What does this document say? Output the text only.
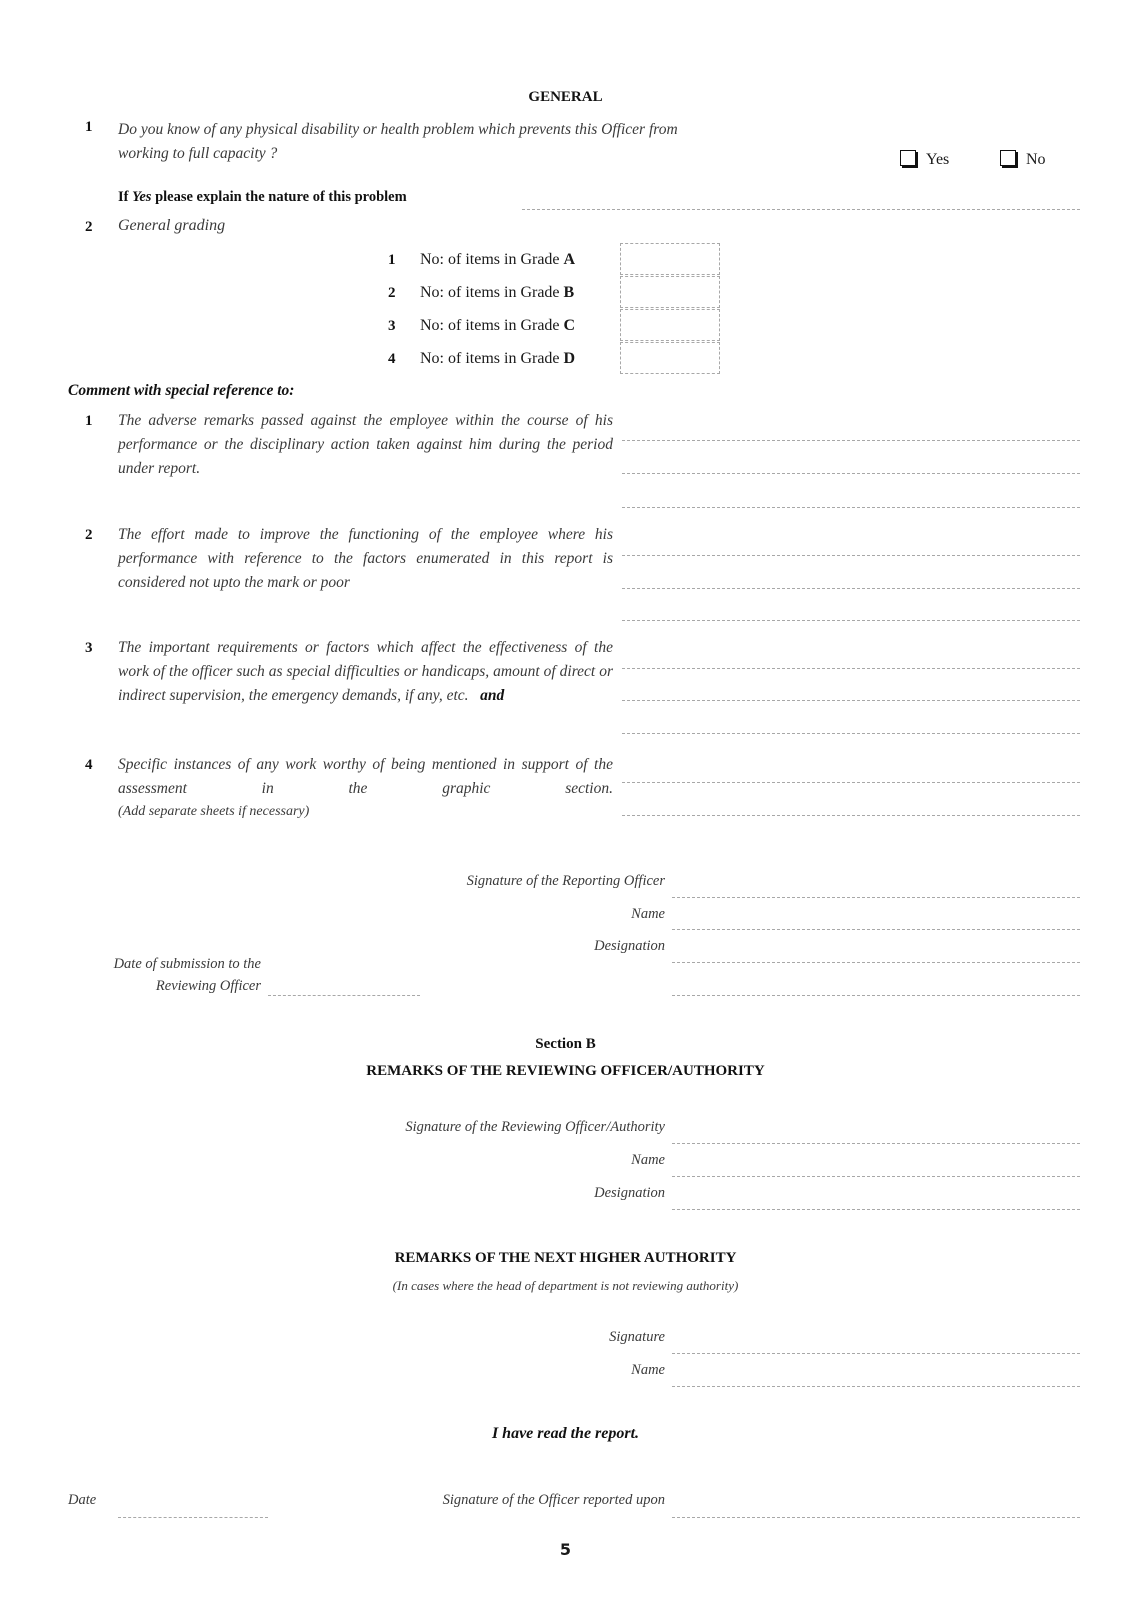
GENERAL
1 Do you know of any physical disability or health problem which prevents this Officer from
working to full capacity ?	Yes	No
If Yes please explain the nature of this problem
2 General grading
1 No: of items in Grade A
2 No: of items in Grade B
3 No: of items in Grade C
4 No: of items in Grade D
Comment with special reference to:
1 The adverse remarks passed against the employee within the course of his performance or the disciplinary action taken against him during the period under report.
2 The effort made to improve the functioning of the employee where his performance with reference to the factors enumerated in this report is considered not upto the mark or poor
3 The important requirements or factors which affect the effectiveness of the work of the officer such as special difficulties or handicaps, amount of direct or indirect supervision, the emergency demands, if any, etc. and
4 Specific instances of any work worthy of being mentioned in support of the assessment in the graphic section.
(Add separate sheets if necessary)
Signature of the Reporting Officer
Name
Designation
Date of submission to the
Reviewing Officer
Section B
REMARKS OF THE REVIEWING OFFICER/AUTHORITY
Signature of the Reviewing Officer/Authority
Name
Designation
REMARKS OF THE NEXT HIGHER AUTHORITY
(In cases where the head of department is not reviewing authority)
Signature
Name
I have read the report.
Date	Signature of the Officer reported upon
5
